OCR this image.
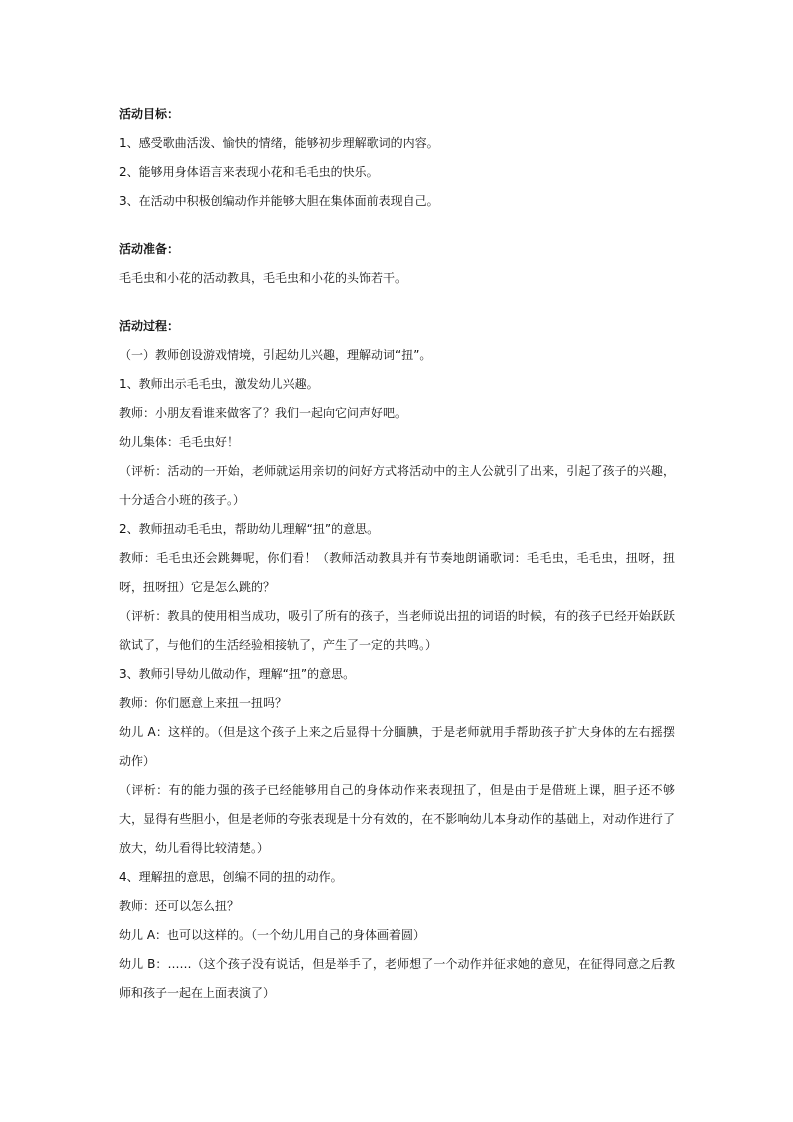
活动目标：

1、感受歌曲活泼、愉快的情绪，能够初步理解歌词的内容。

2、能够用身体语言来表现小花和毛毛虫的快乐。

3、在活动中积极创编动作并能够大胆在集体面前表现自己。

活动准备：

毛毛虫和小花的活动教具，毛毛虫和小花的头饰若干。

活动过程：

（一）教师创设游戏情境，引起幼儿兴趣，理解动词“扭”。

1、教师出示毛毛虫，激发幼儿兴趣。

教师：小朋友看谁来做客了？我们一起向它问声好吧。

幼儿集体：毛毛虫好！

（评析：活动的一开始，老师就运用亲切的问好方式将活动中的主人公就引了出来，引起了孩子的兴趣，十分适合小班的孩子。）

2、教师扭动毛毛虫，帮助幼儿理解“扭”的意思。

教师：毛毛虫还会跳舞呢，你们看！（教师活动教具并有节奏地朗诵歌词：毛毛虫，毛毛虫，扭呀，扭呀，扭呀扭）它是怎么跳的？

（评析：教具的使用相当成功，吸引了所有的孩子，当老师说出扭的词语的时候，有的孩子已经开始跃跃欲试了，与他们的生活经验相接轨了，产生了一定的共鸣。）

3、教师引导幼儿做动作，理解“扭”的意思。

教师：你们愿意上来扭一扭吗？

幼儿 A：这样的。（但是这个孩子上来之后显得十分腼腆，于是老师就用手帮助孩子扩大身体的左右摇摆动作）

（评析：有的能力强的孩子已经能够用自己的身体动作来表现扭了，但是由于是借班上课，胆子还不够大，显得有些胆小，但是老师的夸张表现是十分有效的，在不影响幼儿本身动作的基础上，对动作进行了放大，幼儿看得比较清楚。）

4、理解扭的意思，创编不同的扭的动作。

教师：还可以怎么扭？

幼儿 A：也可以这样的。（一个幼儿用自己的身体画着圆）

幼儿 B：……（这个孩子没有说话，但是举手了，老师想了一个动作并征求她的意见，在征得同意之后教师和孩子一起在上面表演了）
